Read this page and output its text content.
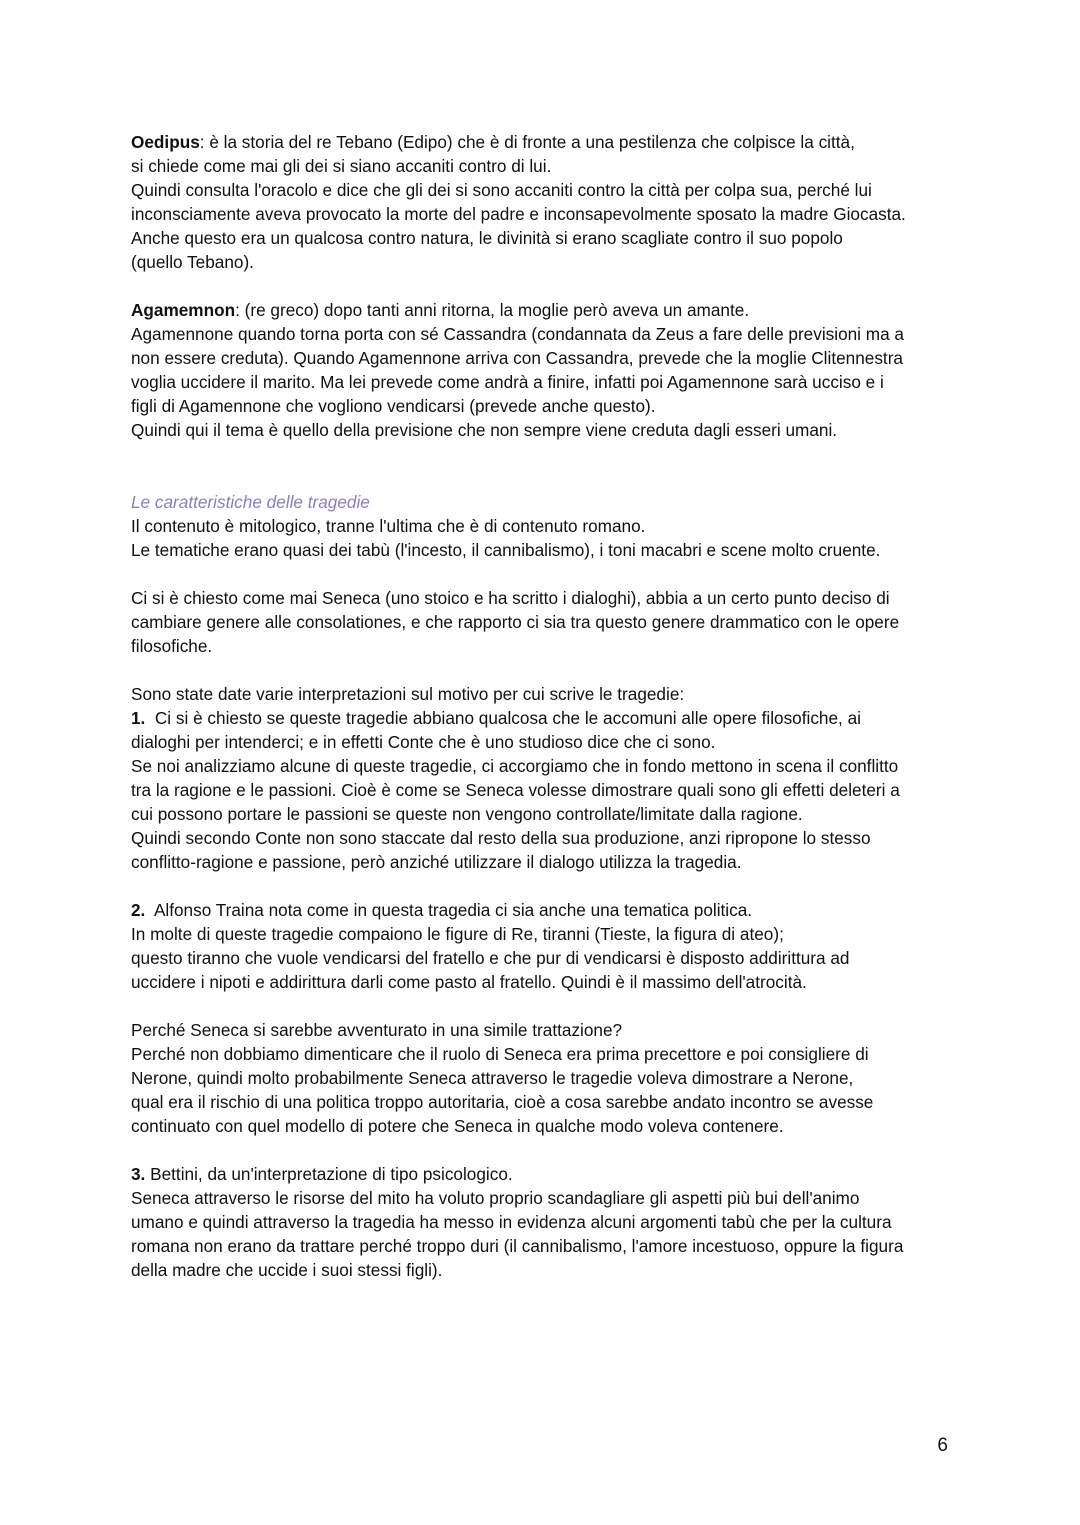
Oedipus: è la storia del re Tebano (Edipo) che è di fronte a una pestilenza che colpisce la città,
si chiede come mai gli dei si siano accaniti contro di lui.
Quindi consulta l'oracolo e dice che gli dei si sono accaniti contro la città per colpa sua, perché lui
inconsciamente aveva provocato la morte del padre e inconsapevolmente sposato la madre Giocasta.
Anche questo era un qualcosa contro natura, le divinità si erano scagliate contro il suo popolo
(quello Tebano).
Agamemnon: (re greco) dopo tanti anni ritorna, la moglie però aveva un amante.
Agamennone quando torna porta con sé Cassandra (condannata da Zeus a fare delle previsioni ma a
non essere creduta). Quando Agamennone arriva con Cassandra, prevede che la moglie Clitennestra
voglia uccidere il marito. Ma lei prevede come andrà a finire, infatti poi Agamennone sarà ucciso e i
figli di Agamennone che vogliono vendicarsi (prevede anche questo).
Quindi qui il tema è quello della previsione che non sempre viene creduta dagli esseri umani.
Le caratteristiche delle tragedie
Il contenuto è mitologico, tranne l'ultima che è di contenuto romano.
Le tematiche erano quasi dei tabù (l'incesto, il cannibalismo), i toni macabri e scene molto cruente.
Ci si è chiesto come mai Seneca (uno stoico e ha scritto i dialoghi), abbia a un certo punto deciso di
cambiare genere alle consolationes, e che rapporto ci sia tra questo genere drammatico con le opere
filosofiche.
Sono state date varie interpretazioni sul motivo per cui scrive le tragedie:
1.  Ci si è chiesto se queste tragedie abbiano qualcosa che le accomuni alle opere filosofiche, ai
dialoghi per intenderci; e in effetti Conte che è uno studioso dice che ci sono.
Se noi analizziamo alcune di queste tragedie, ci accorgiamo che in fondo mettono in scena il conflitto
tra la ragione e le passioni. Cioè è come se Seneca volesse dimostrare quali sono gli effetti deleteri a
cui possono portare le passioni se queste non vengono controllate/limitate dalla ragione.
Quindi secondo Conte non sono staccate dal resto della sua produzione, anzi ripropone lo stesso
conflitto-ragione e passione, però anziché utilizzare il dialogo utilizza la tragedia.
2.  Alfonso Traina nota come in questa tragedia ci sia anche una tematica politica.
In molte di queste tragedie compaiono le figure di Re, tiranni (Tieste, la figura di ateo);
questo tiranno che vuole vendicarsi del fratello e che pur di vendicarsi è disposto addirittura ad
uccidere i nipoti e addirittura darli come pasto al fratello. Quindi è il massimo dell'atrocità.
Perché Seneca si sarebbe avventurato in una simile trattazione?
Perché non dobbiamo dimenticare che il ruolo di Seneca era prima precettore e poi consigliere di
Nerone, quindi molto probabilmente Seneca attraverso le tragedie voleva dimostrare a Nerone,
qual era il rischio di una politica troppo autoritaria, cioè a cosa sarebbe andato incontro se avesse
continuato con quel modello di potere che Seneca in qualche modo voleva contenere.
3. Bettini, da un'interpretazione di tipo psicologico.
Seneca attraverso le risorse del mito ha voluto proprio scandagliare gli aspetti più bui dell'animo
umano e quindi attraverso la tragedia ha messo in evidenza alcuni argomenti tabù che per la cultura
romana non erano da trattare perché troppo duri (il cannibalismo, l'amore incestuoso, oppure la figura
della madre che uccide i suoi stessi figli).
6
